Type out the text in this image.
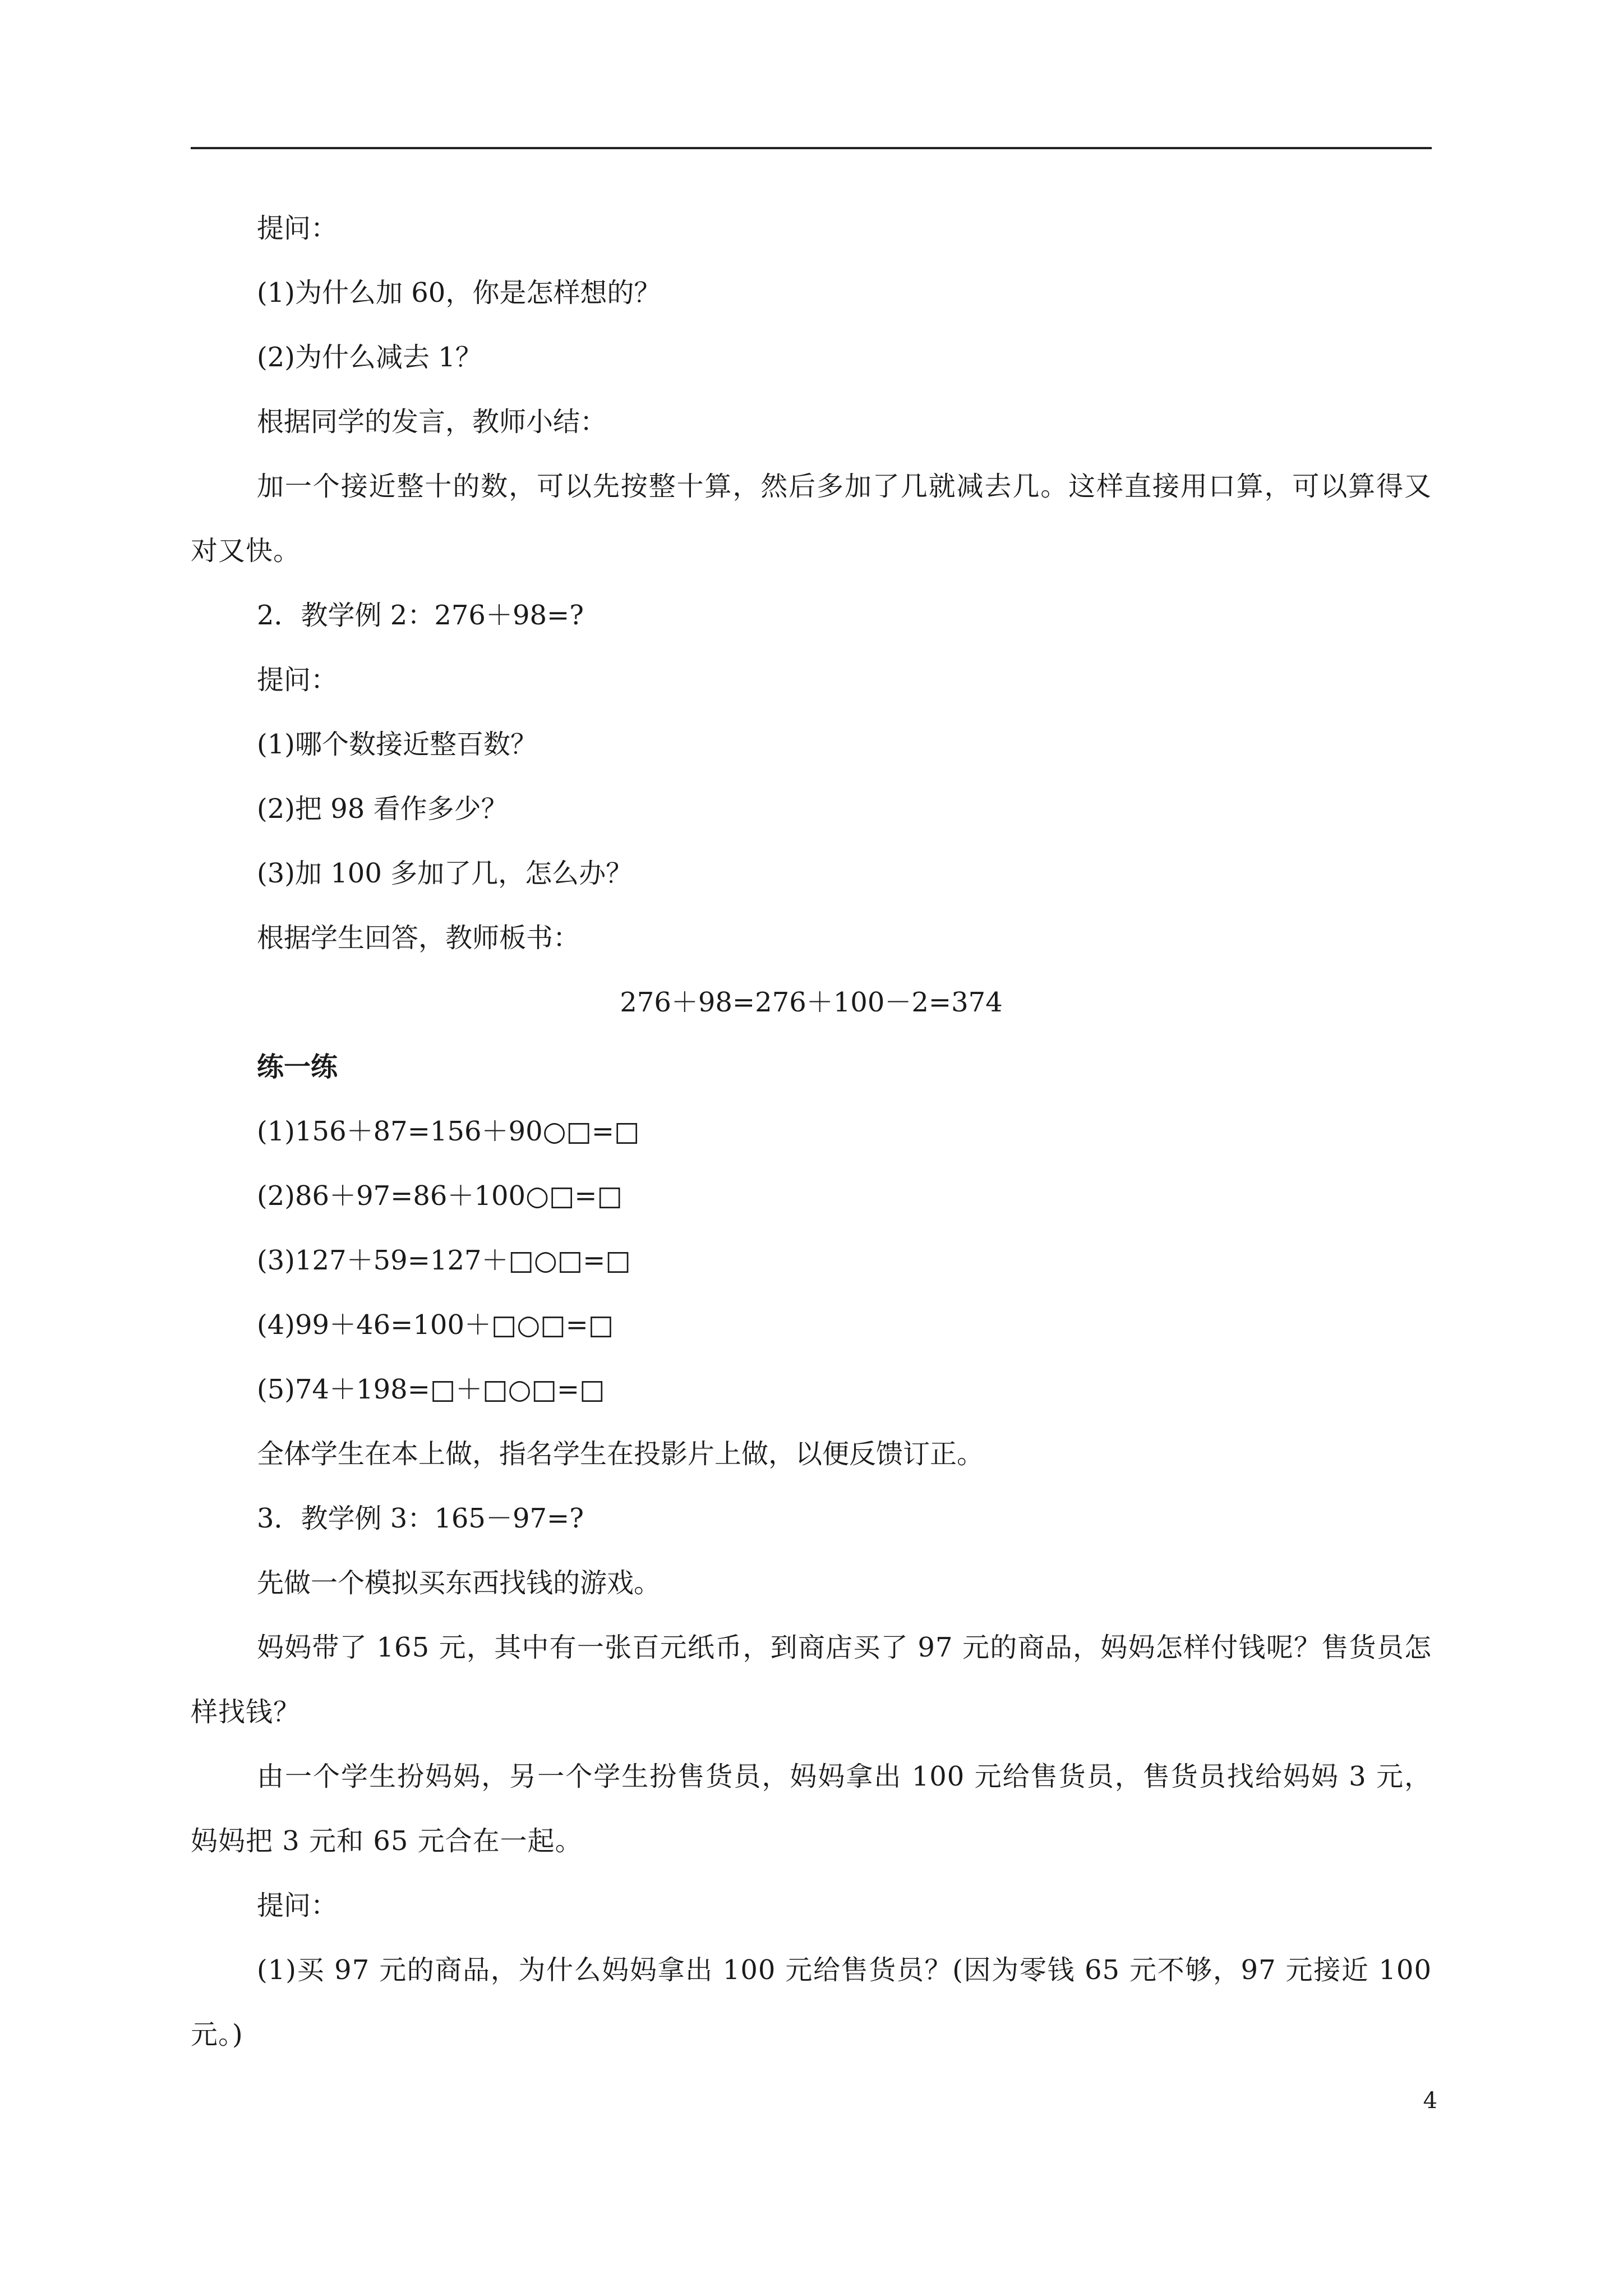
提问：
(1)为什么加 60，你是怎样想的？
(2)为什么减去 1？
根据同学的发言，教师小结：
加一个接近整十的数，可以先按整十算，然后多加了几就减去几。这样直接用口算，可以算得又对又快。
2．教学例 2：276＋98=?
提问：
(1)哪个数接近整百数？
(2)把 98 看作多少？
(3)加 100 多加了几，怎么办？
根据学生回答，教师板书：
276＋98=276＋100－2=374
练一练
(1)156＋87=156＋90○□=□
(2)86＋97=86＋100○□=□
(3)127＋59=127＋□○□=□
(4)99＋46=100＋□○□=□
(5)74＋198=□＋□○□=□
全体学生在本上做，指名学生在投影片上做，以便反馈订正。
3．教学例 3：165－97=?
先做一个模拟买东西找钱的游戏。
妈妈带了 165 元，其中有一张百元纸币，到商店买了 97 元的商品，妈妈怎样付钱呢？售货员怎样找钱？
由一个学生扮妈妈，另一个学生扮售货员，妈妈拿出 100 元给售货员，售货员找给妈妈 3 元，妈妈把 3 元和 65 元合在一起。
提问：
(1)买 97 元的商品，为什么妈妈拿出 100 元给售货员？(因为零钱 65 元不够，97 元接近 100 元。)
4
